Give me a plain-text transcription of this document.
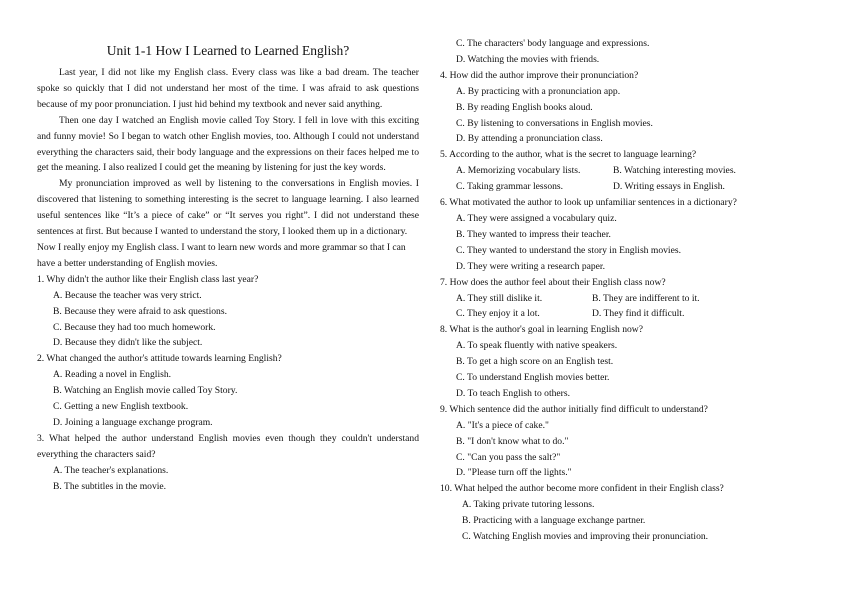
Unit 1-1 How I Learned to Learned English?

Last year, I did not like my English class. Every class was like a bad dream. The teacher spoke so quickly that I did not understand her most of the time. I was afraid to ask questions because of my poor pronunciation. I just hid behind my textbook and never said anything.

Then one day I watched an English movie called Toy Story. I fell in love with this exciting and funny movie! So I began to watch other English movies, too. Although I could not understand everything the characters said, their body language and the expressions on their faces helped me to get the meaning. I also realized I could get the meaning by listening for just the key words.

My pronunciation improved as well by listening to the conversations in English movies. I discovered that listening to something interesting is the secret to language learning. I also learned useful sentences like “It’s a piece of cake” or “It serves you right”. I did not understand these sentences at first. But because I wanted to understand the story, I looked them up in a dictionary.

Now I really enjoy my English class. I want to learn new words and more grammar so that I can have a better understanding of English movies.

1. Why didn't the author like their English class last year?

A. Because the teacher was very strict.

B. Because they were afraid to ask questions.

C. Because they had too much homework.

D. Because they didn't like the subject.

2. What changed the author's attitude towards learning English?

A. Reading a novel in English.

B. Watching an English movie called Toy Story.

C. Getting a new English textbook.

D. Joining a language exchange program.

3. What helped the author understand English movies even though they couldn't understand everything the characters said?

A. The teacher's explanations.

B. The subtitles in the movie.

C. The characters' body language and expressions.

D. Watching the movies with friends.

4. How did the author improve their pronunciation?

A. By practicing with a pronunciation app.

B. By reading English books aloud.

C. By listening to conversations in English movies.

D. By attending a pronunciation class.

5. According to the author, what is the secret to language learning?

A. Memorizing vocabulary lists.	B. Watching interesting movies.
C. Taking grammar lessons.	D. Writing essays in English.

6. What motivated the author to look up unfamiliar sentences in a dictionary?

A. They were assigned a vocabulary quiz.

B. They wanted to impress their teacher.

C. They wanted to understand the story in English movies.

D. They were writing a research paper.

7. How does the author feel about their English class now?

A. They still dislike it.	B. They are indifferent to it.
C. They enjoy it a lot.	D. They find it difficult.

8. What is the author's goal in learning English now?

A. To speak fluently with native speakers.

B. To get a high score on an English test.

C. To understand English movies better.

D. To teach English to others.

9. Which sentence did the author initially find difficult to understand?

A. "It's a piece of cake."

B. "I don't know what to do."

C. "Can you pass the salt?"

D. "Please turn off the lights."

10. What helped the author become more confident in their English class?

A. Taking private tutoring lessons.

B. Practicing with a language exchange partner.

C. Watching English movies and improving their pronunciation.
